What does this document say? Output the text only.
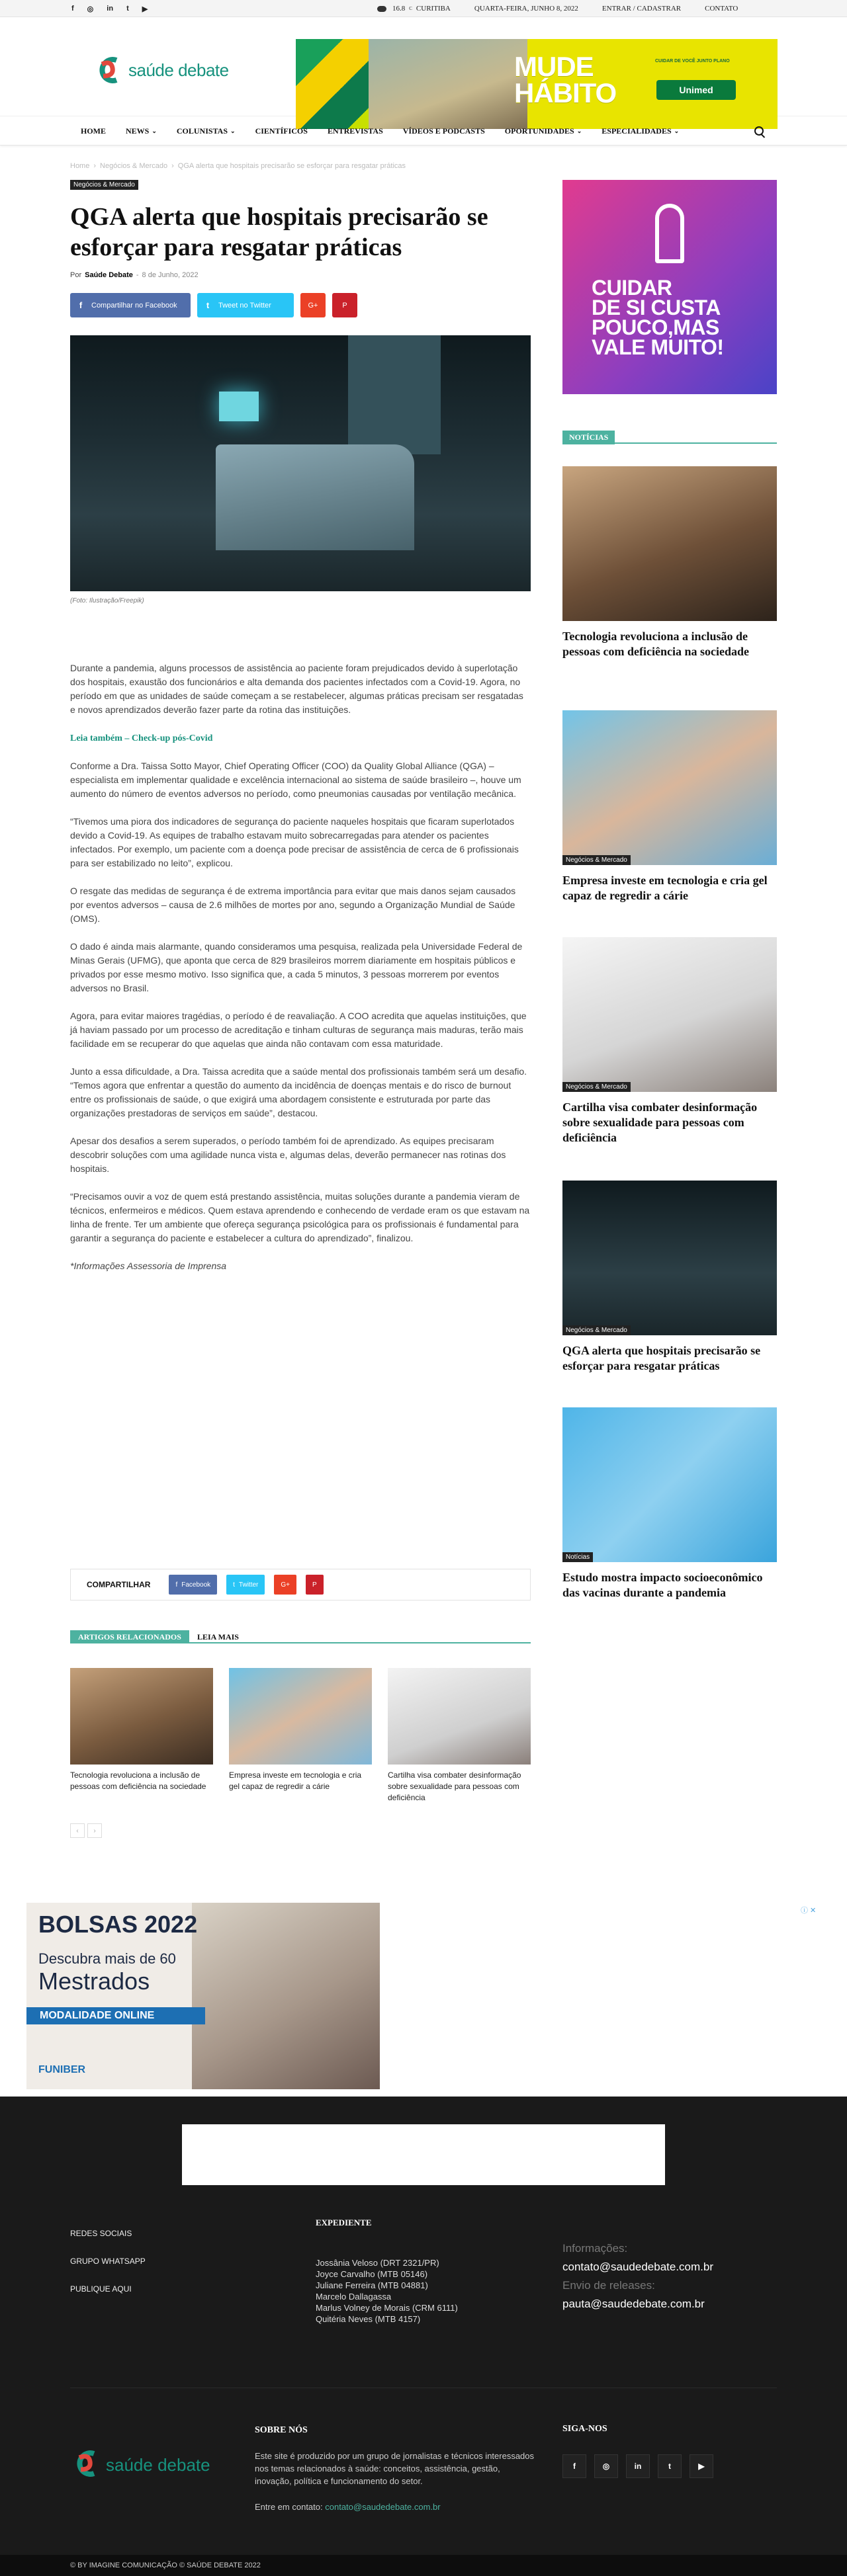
f ◎ in t ▶	16.8 C CURITIBA	QUARTA-FEIRA, JUNHO 8, 2022	ENTRAR / CADASTRAR	CONTATO
saúde debate	MUDE
HÁBITO
CUIDAR DE VOCÊ JUNTO PLANO
Unimed
HOME	NEWS ⌄	COLUNISTAS ⌄	CIENTÍFICOS	ENTREVISTAS	VÍDEOS E PODCASTS	OPORTUNIDADES ⌄	ESPECIALIDADES ⌄
Home › Negócios & Mercado › QGA alerta que hospitais precisarão se esforçar para resgatar práticas
Negócios & Mercado
QGA alerta que hospitais precisarão se esforçar para resgatar práticas
Por Saúde Debate - 8 de Junho, 2022
f	Compartilhar no Facebook	t	Tweet no Twitter	G+	P
(Foto: Ilustração/Freepik)

Durante a pandemia, alguns processos de assistência ao paciente foram prejudicados devido à superlotação dos hospitais, exaustão dos funcionários e alta demanda dos pacientes infectados com a Covid-19. Agora, no período em que as unidades de saúde começam a se restabelecer, algumas práticas precisam ser resgatadas e novos aprendizados deverão fazer parte da rotina das instituições.

Leia também – Check-up pós-Covid

Conforme a Dra. Taissa Sotto Mayor, Chief Operating Officer (COO) da Quality Global Alliance (QGA) – especialista em implementar qualidade e excelência internacional ao sistema de saúde brasileiro –, houve um aumento do número de eventos adversos no período, como pneumonias causadas por ventilação mecânica.

“Tivemos uma piora dos indicadores de segurança do paciente naqueles hospitais que ficaram superlotados devido a Covid-19. As equipes de trabalho estavam muito sobrecarregadas para atender os pacientes infectados. Por exemplo, um paciente com a doença pode precisar de assistência de cerca de 6 profissionais para ser estabilizado no leito”, explicou.

O resgate das medidas de segurança é de extrema importância para evitar que mais danos sejam causados por eventos adversos – causa de 2.6 milhões de mortes por ano, segundo a Organização Mundial de Saúde (OMS).

O dado é ainda mais alarmante, quando consideramos uma pesquisa, realizada pela Universidade Federal de Minas Gerais (UFMG), que aponta que cerca de 829 brasileiros morrem diariamente em hospitais públicos e privados por esse mesmo motivo. Isso significa que, a cada 5 minutos, 3 pessoas morrerem por eventos adversos no Brasil.

Agora, para evitar maiores tragédias, o período é de reavaliação. A COO acredita que aquelas instituições, que já haviam passado por um processo de acreditação e tinham culturas de segurança mais maduras, terão mais facilidade em se recuperar do que aquelas que ainda não contavam com essa maturidade.

Junto a essa dificuldade, a Dra. Taissa acredita que a saúde mental dos profissionais também será um desafio. “Temos agora que enfrentar a questão do aumento da incidência de doenças mentais e do risco de burnout entre os profissionais de saúde, o que exigirá uma abordagem consistente e estruturada por parte das organizações prestadoras de serviços em saúde”, destacou.

Apesar dos desafios a serem superados, o período também foi de aprendizado. As equipes precisaram descobrir soluções com uma agilidade nunca vista e, algumas delas, deverão permanecer nas rotinas dos hospitais.

“Precisamos ouvir a voz de quem está prestando assistência, muitas soluções durante a pandemia vieram de técnicos, enfermeiros e médicos. Quem estava aprendendo e conhecendo de verdade eram os que estavam na linha de frente. Ter um ambiente que ofereça segurança psicológica para os profissionais é fundamental para garantir a segurança do paciente e estabelecer a cultura do aprendizado”, finalizou.

*Informações Assessoria de Imprensa

COMPARTILHAR	f Facebook	t Twitter	G+	P
ARTIGOS RELACIONADOS	LEIA MAIS

Tecnologia revoluciona a inclusão de pessoas com deficiência na sociedade

Empresa investe em tecnologia e cria gel capaz de regredir a cárie

Cartilha visa combater desinformação sobre sexualidade para pessoas com deficiência

‹	›
CUIDAR
DE SI CUSTA
POUCO,MAS
VALE MUITO!
NOTÍCIAS
Tecnologia revoluciona a inclusão de pessoas com deficiência na sociedade
Negócios & Mercado
Empresa investe em tecnologia e cria gel capaz de regredir a cárie
Negócios & Mercado
Cartilha visa combater desinformação sobre sexualidade para pessoas com deficiência
Negócios & Mercado
QGA alerta que hospitais precisarão se esforçar para resgatar práticas
Notícias
Estudo mostra impacto socioeconômico das vacinas durante a pandemia
BOLSAS 2022
Descubra mais de 60
Mestrados
MODALIDADE ONLINE
FUNIBER
ⓘ ✕
REDES SOCIAIS
GRUPO WHATSAPP
PUBLIQUE AQUI
EXPEDIENTE
Jossânia Veloso (DRT 2321/PR)
Joyce Carvalho (MTB 05146)
Juliane Ferreira (MTB 04881)
Marcelo Dallagassa
Marlus Volney de Morais (CRM 6111)
Quitéria Neves (MTB 4157)
Informações:
contato@saudedebate.com.br
Envio de releases:
pauta@saudedebate.com.br
saúde debate
SOBRE NÓS

Este site é produzido por um grupo de jornalistas e técnicos interessados nos temas relacionados à saúde: conceitos, assistência, gestão, inovação, política e funcionamento do setor.

Entre em contato: contato@saudedebate.com.br

SIGA-NOS
f	◎	in	t	▶
© BY IMAGINE COMUNICAÇÃO © SAÚDE DEBATE 2022
